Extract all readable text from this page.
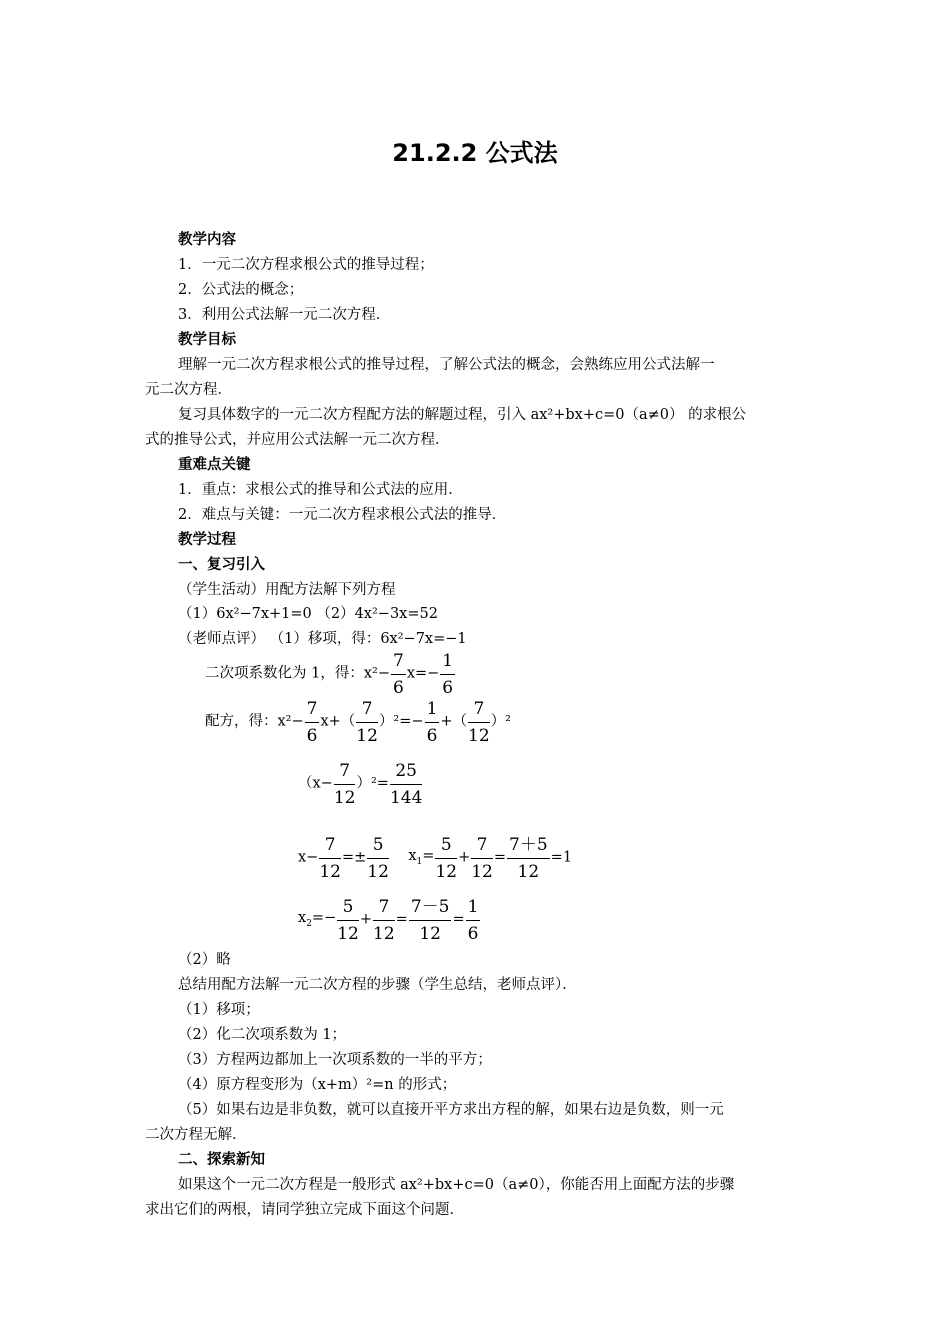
21.2.2 公式法
教学内容
1．一元二次方程求根公式的推导过程；
2．公式法的概念；
3．利用公式法解一元二次方程．
教学目标
理解一元二次方程求根公式的推导过程，了解公式法的概念，会熟练应用公式法解一
元二次方程．
复习具体数字的一元二次方程配方法的解题过程，引入 ax²+bx+c=0（a≠0） 的求根公
式的推导公式，并应用公式法解一元二次方程．
重难点关键
1．重点：求根公式的推导和公式法的应用．
2．难点与关键：一元二次方程求根公式法的推导．
教学过程
一、复习引入
（学生活动）用配方法解下列方程
（1）6x²−7x+1=0 （2）4x²−3x=52
（老师点评） （1）移项，得：6x²−7x=−1
二次项系数化为 1，得：$x^2- \frac{7}{6} x=- \frac{1}{6}$
配方，得：$x^2- \frac{7}{6} x+( \frac{7}{12} )^2=- \frac{1}{6}$ +（ $\frac{7}{12} )^2$
$(x- \frac{7}{12} )^2= \frac{25}{144}$
$x- \frac{7}{12} =\pm \frac{5}{12} x_1= \frac{5}{12} + \frac{7}{12} = \frac{7+5}{12} =1$
$x_2=- \frac{5}{12} + \frac{7}{12} = \frac{7-5}{12} = \frac{1}{6}$
（2）略
总结用配方法解一元二次方程的步骤（学生总结，老师点评）．
（1）移项；
（2）化二次项系数为 1；
（3）方程两边都加上一次项系数的一半的平方；
（4）原方程变形为（x+m）²=n 的形式；
（5）如果右边是非负数，就可以直接开平方求出方程的解，如果右边是负数，则一元
二次方程无解．
二、探索新知
如果这个一元二次方程是一般形式 ax²+bx+c=0（a≠0），你能否用上面配方法的步骤
求出它们的两根，请同学独立完成下面这个问题．
